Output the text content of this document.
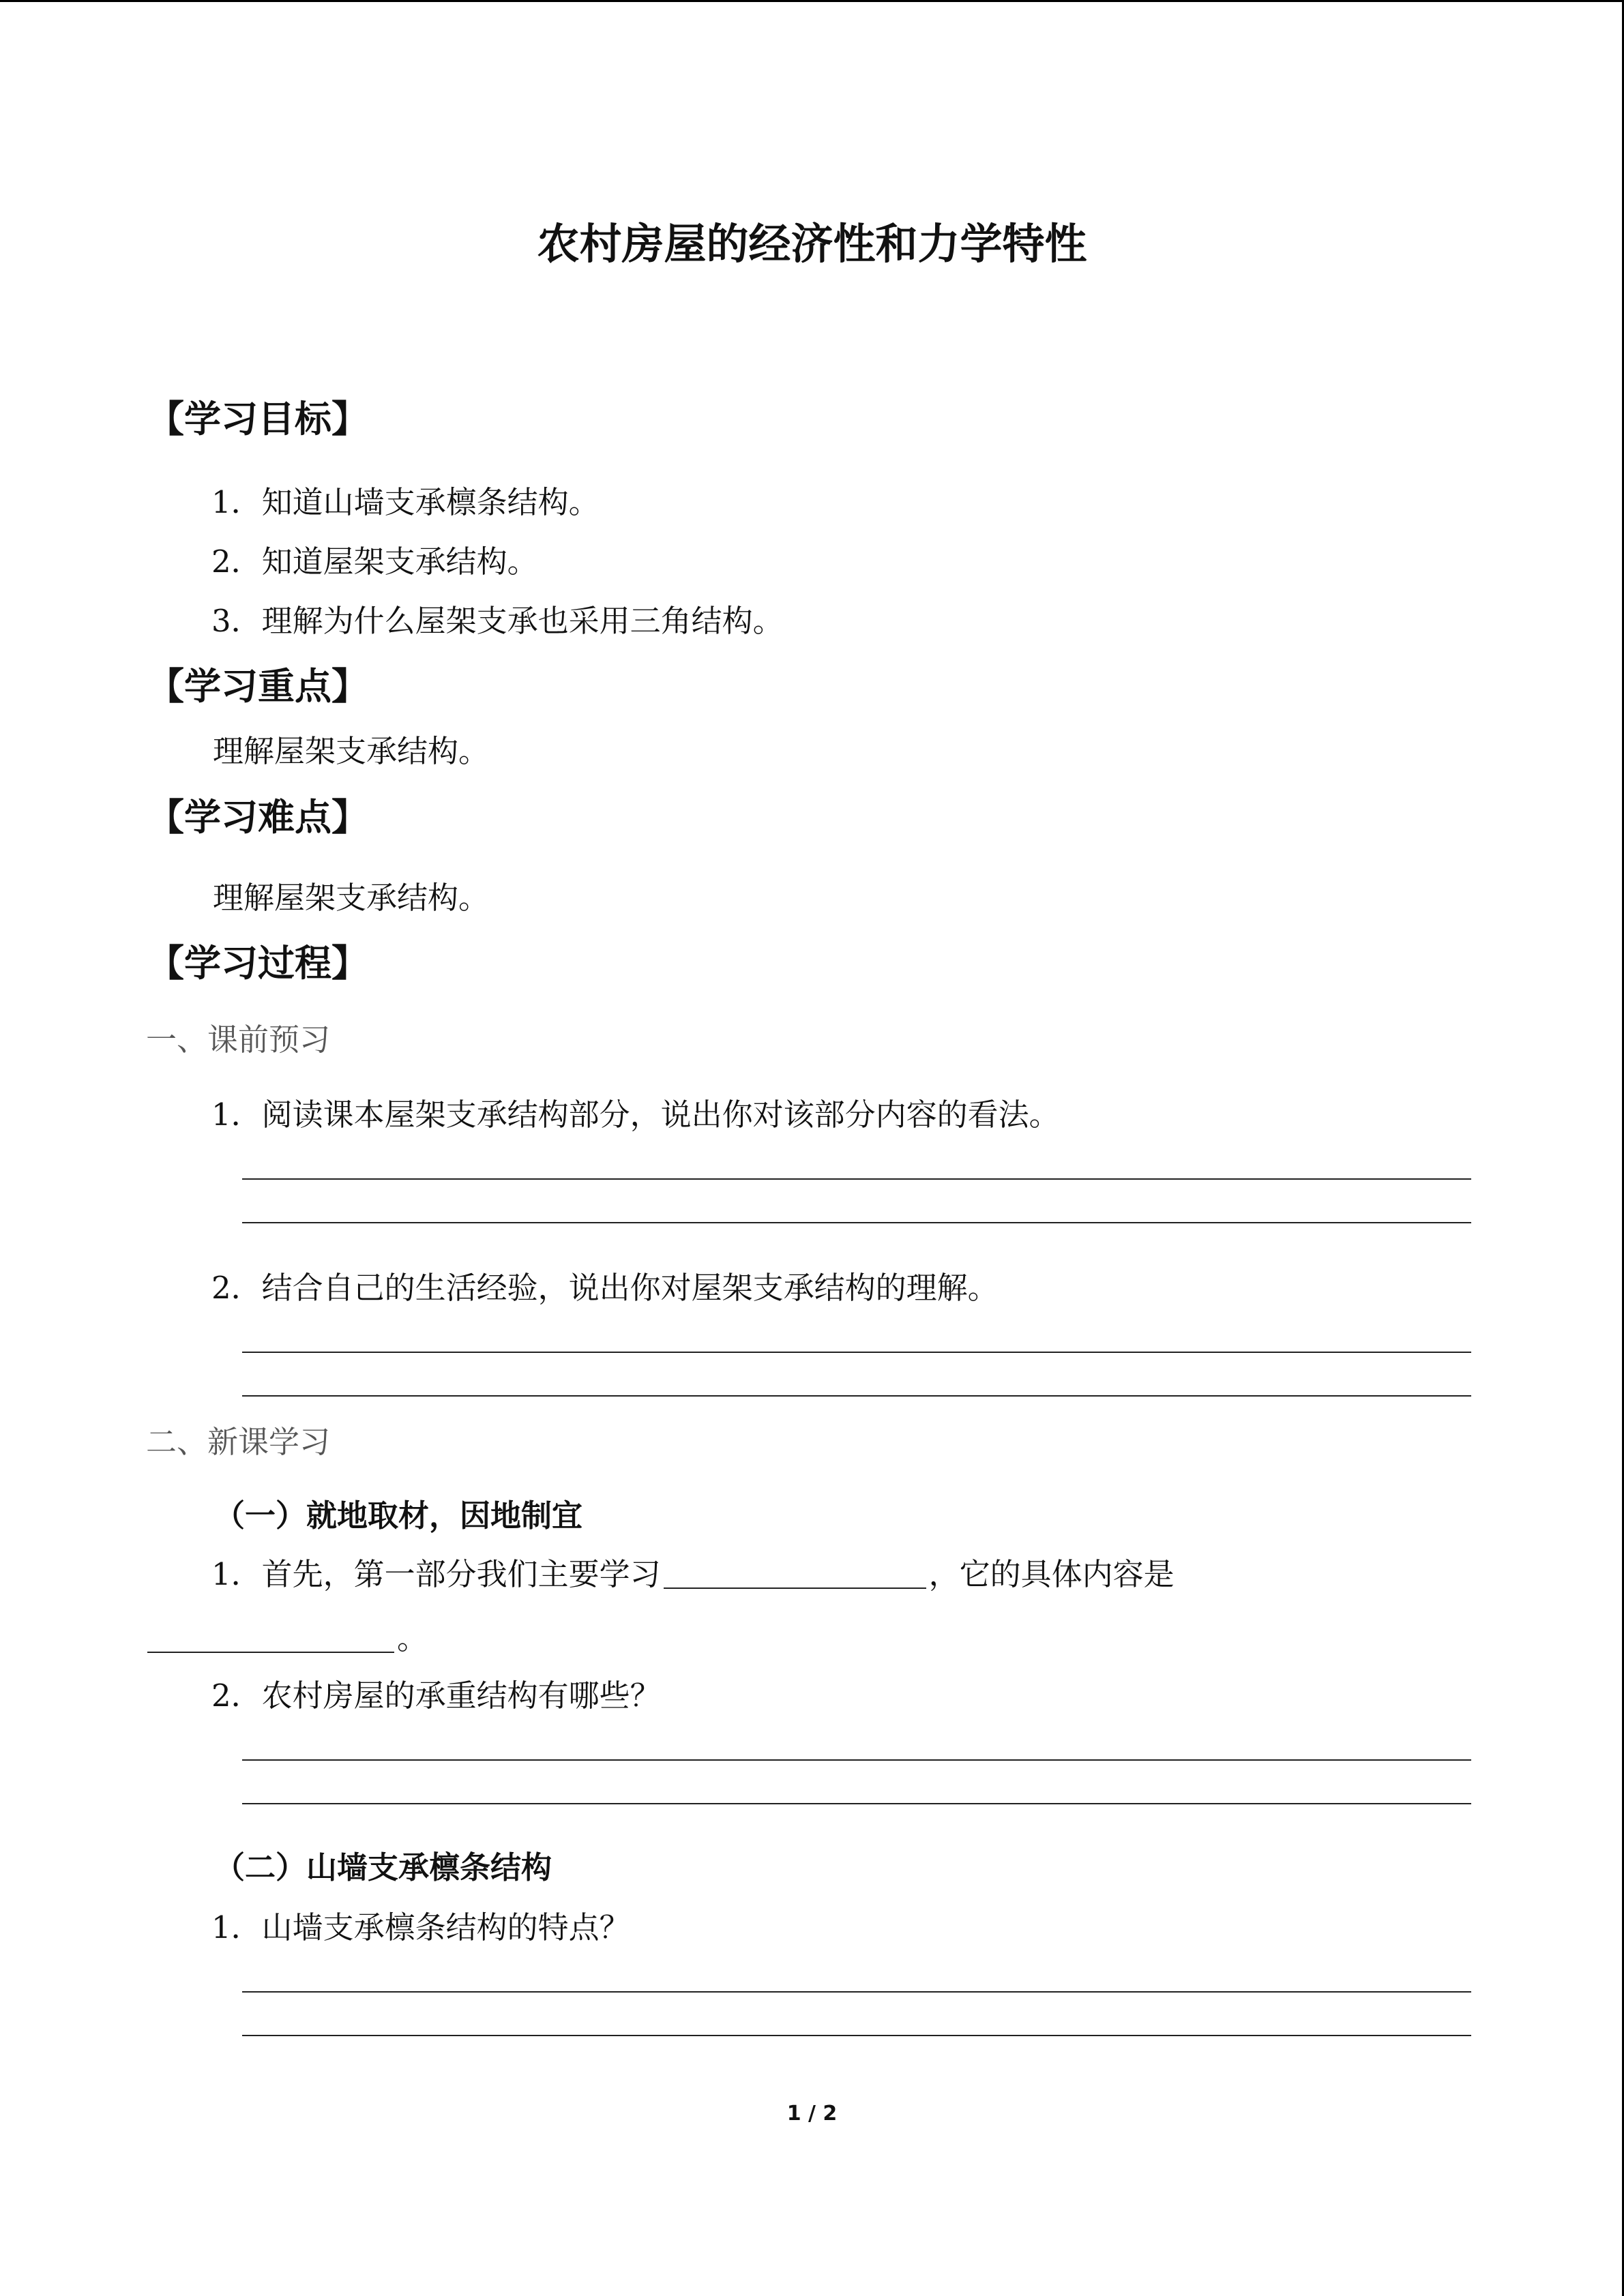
农村房屋的经济性和力学特性
【学习目标】
1．知道山墙支承檩条结构。
2．知道屋架支承结构。
3．理解为什么屋架支承也采用三角结构。
【学习重点】
理解屋架支承结构。
【学习难点】
理解屋架支承结构。
【学习过程】
一、课前预习
1．阅读课本屋架支承结构部分，说出你对该部分内容的看法。
2．结合自己的生活经验，说出你对屋架支承结构的理解。
二、新课学习
（一）就地取材，因地制宜
1．首先，第一部分我们主要学习	，它的具体内容是
。
2．农村房屋的承重结构有哪些？
（二）山墙支承檩条结构
1．山墙支承檩条结构的特点？
1 / 2
